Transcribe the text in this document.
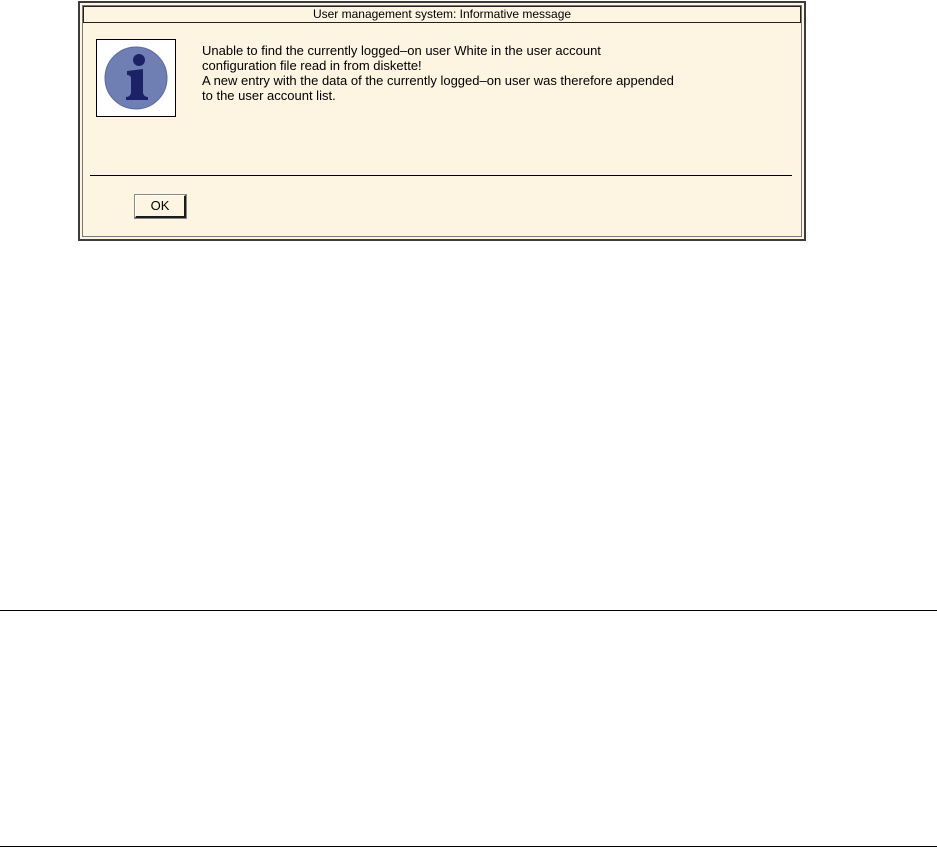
User management system: Informative message
Unable to find the currently logged–on user White in the user account
configuration file read in from diskette!
A new entry with the data of the currently logged–on user was therefore appended
to the user account list.
OK
